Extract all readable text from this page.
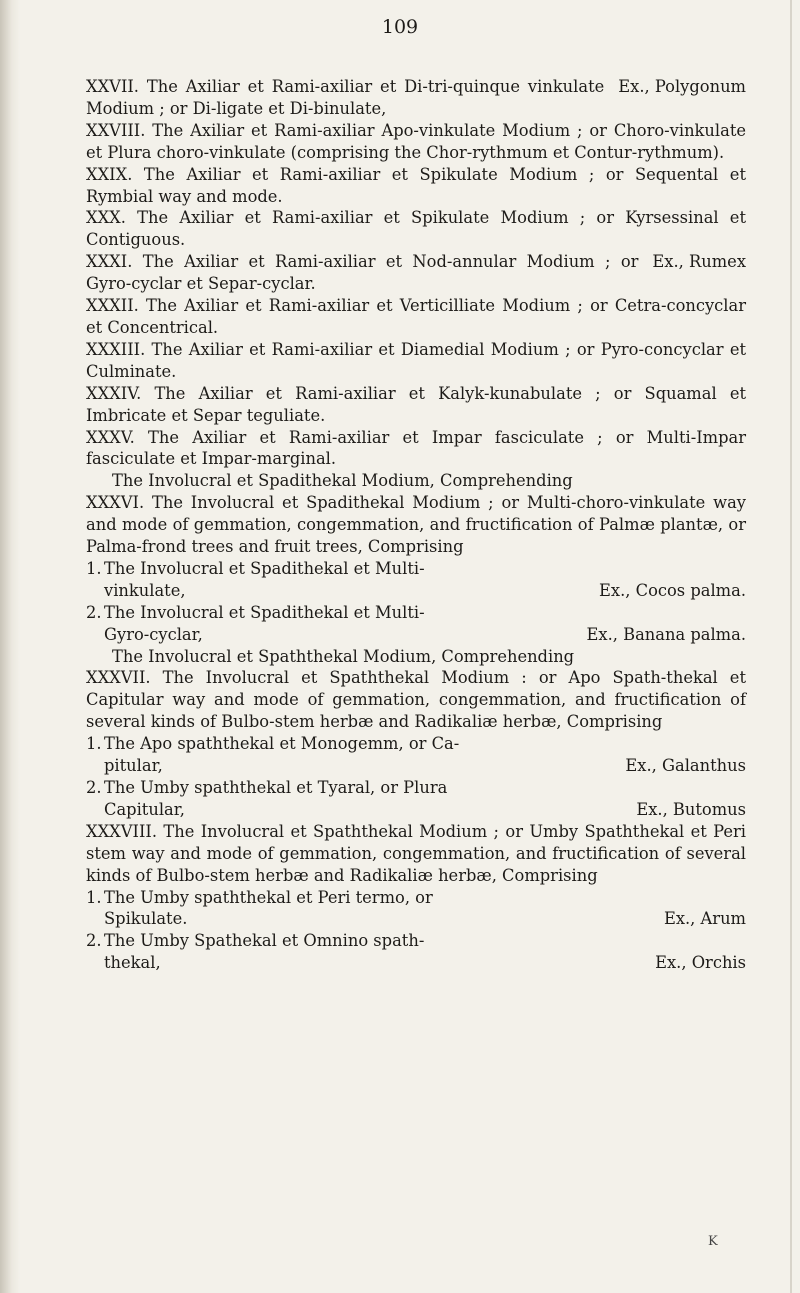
109

Ex., Polygonum
XXVII. The Axiliar et Rami-axiliar et Di-tri-quinque vinkulate Modium ; or Di-ligate et Di-binulate,

XXVIII. The Axiliar et Rami-axiliar Apo-vinkulate Modium ; or Choro-vinkulate et Plura choro-vinkulate (comprising the Chor-rythmum et Contur-rythmum).

XXIX. The Axiliar et Rami-axiliar et Spikulate Modium ; or Sequental et Rymbial way and mode.

XXX. The Axiliar et Rami-axiliar et Spikulate Modium ; or Kyrsessinal et Contiguous.

Ex., Rumex
XXXI. The Axiliar et Rami-axiliar et Nod-annular Modium ; or Gyro-cyclar et Separ-cyclar.

XXXII. The Axiliar et Rami-axiliar et Verticilliate Modium ; or Cetra-concyclar et Concentrical.

XXXIII. The Axiliar et Rami-axiliar et Diamedial Modium ; or Pyro-concyclar et Culminate.

XXXIV. The Axiliar et Rami-axiliar et Kalyk-kunabulate ; or Squamal et Imbricate et Separ teguliate.

XXXV. The Axiliar et Rami-axiliar et Impar fasciculate ; or Multi-Impar fasciculate et Impar-marginal.

The Involucral et Spadithekal Modium, Comprehending

XXXVI. The Involucral et Spadithekal Modium ; or Multi-choro-vinkulate way and mode of gemmation, congemmation, and fructification of Palmæ plantæ, or Palma-frond trees and fruit trees, Comprising

1. The Involucral et Spadithekal et Multi-
Ex., Cocos palma.
vinkulate,
2. The Involucral et Spadithekal et Multi-
Ex., Banana palma.
Gyro-cyclar,

The Involucral et Spaththekal Modium, Comprehending

XXXVII. The Involucral et Spaththekal Modium : or Apo Spath-thekal et Capitular way and mode of gemmation, congemmation, and fructification of several kinds of Bulbo-stem herbæ and Radikaliæ herbæ, Comprising

1. The Apo spaththekal et Monogemm, or Ca-
Ex., Galanthus
pitular,
2. The Umby spaththekal et Tyaral, or Plura
Ex., Butomus
Capitular,

XXXVIII. The Involucral et Spaththekal Modium ; or Umby Spaththekal et Peri stem way and mode of gemmation, congemmation, and fructification of several kinds of Bulbo-stem herbæ and Radikaliæ herbæ, Comprising

1. The Umby spaththekal et Peri termo, or
Ex., Arum
Spikulate.
2. The Umby Spathekal et Omnino spath-
Ex., Orchis
thekal,
K
